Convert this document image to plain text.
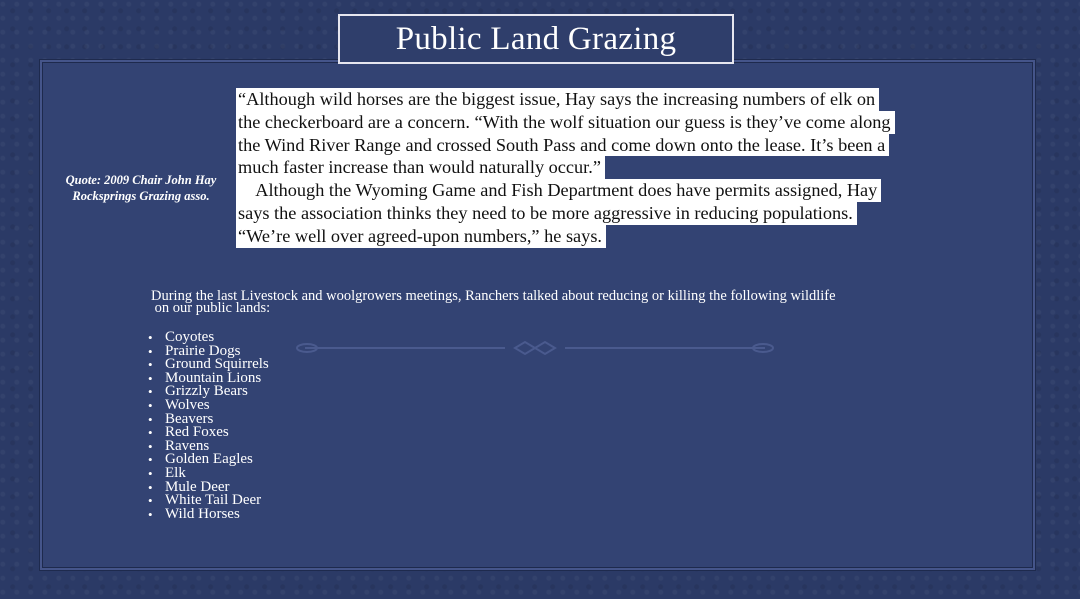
Public Land Grazing
Quote: 2009 Chair John Hay
Rocksprings Grazing asso.
“Although wild horses are the biggest issue, Hay says the increasing numbers of elk on
the checkerboard are a concern. “With the wolf situation our guess is they’ve come along
the Wind River Range and crossed South Pass and come down onto the lease. It’s been a
much faster increase than would naturally occur.”
Although the Wyoming Game and Fish Department does have permits assigned, Hay
says the association thinks they need to be more aggressive in reducing populations.
“We’re well over agreed-upon numbers,” he says.
During the last Livestock and woolgrowers meetings, Ranchers talked about reducing or killing the following wildlife
on our public lands:
• Coyotes
• Prairie Dogs
• Ground Squirrels
• Mountain Lions
• Grizzly Bears
• Wolves
• Beavers
• Red Foxes
• Ravens
• Golden Eagles
• Elk
• Mule Deer
• White Tail Deer
• Wild Horses
